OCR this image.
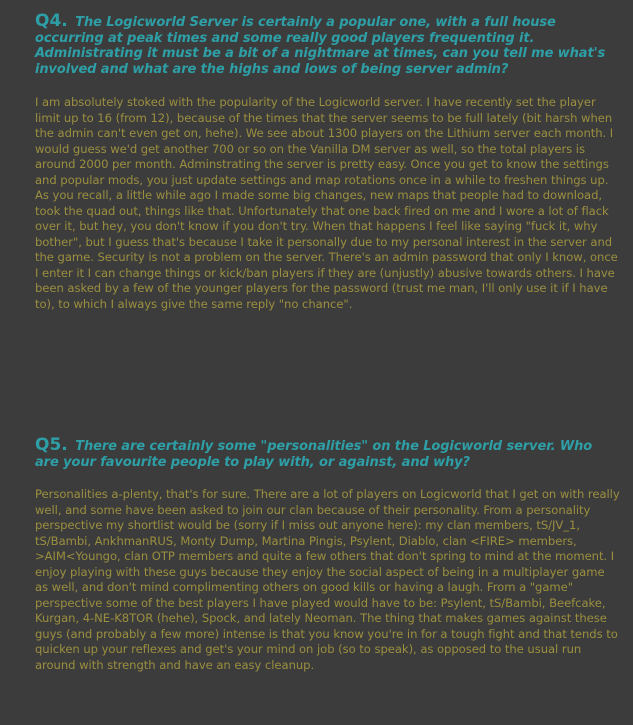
Q4. The Logicworld Server is certainly a popular one, with a full house occurring at peak times and some really good players frequenting it. Administrating it must be a bit of a nightmare at times, can you tell me what's involved and what are the highs and lows of being server admin?

I am absolutely stoked with the popularity of the Logicworld server. I have recently set the player limit up to 16 (from 12), because of the times that the server seems to be full lately (bit harsh when the admin can't even get on, hehe). We see about 1300 players on the Lithium server each month. I would guess we'd get another 700 or so on the Vanilla DM server as well, so the total players is around 2000 per month. Adminstrating the server is pretty easy. Once you get to know the settings and popular mods, you just update settings and map rotations once in a while to freshen things up. As you recall, a little while ago I made some big changes, new maps that people had to download, took the quad out, things like that. Unfortunately that one back fired on me and I wore a lot of flack over it, but hey, you don't know if you don't try. When that happens I feel like saying "fuck it, why bother", but I guess that's because I take it personally due to my personal interest in the server and the game. Security is not a problem on the server. There's an admin password that only I know, once I enter it I can change things or kick/ban players if they are (unjustly) abusive towards others. I have been asked by a few of the younger players for the password (trust me man, I'll only use it if I have to), to which I always give the same reply "no chance".

Q5. There are certainly some "personalities" on the Logicworld server. Who are your favourite people to play with, or against, and why?

Personalities a-plenty, that's for sure. There are a lot of players on Logicworld that I get on with really well, and some have been asked to join our clan because of their personality. From a personality perspective my shortlist would be (sorry if I miss out anyone here): my clan members, tS/JV_1, tS/Bambi, AnkhmanRUS, Monty Dump, Martina Pingis, Psylent, Diablo, clan <FIRE> members, >AIM<Youngo, clan OTP members and quite a few others that don't spring to mind at the moment. I enjoy playing with these guys because they enjoy the social aspect of being in a multiplayer game as well, and don't mind complimenting others on good kills or having a laugh. From a "game" perspective some of the best players I have played would have to be: Psylent, tS/Bambi, Beefcake, Kurgan, 4-NE-K8TOR (hehe), Spock, and lately Neoman. The thing that makes games against these guys (and probably a few more) intense is that you know you're in for a tough fight and that tends to quicken up your reflexes and get's your mind on job (so to speak), as opposed to the usual run around with strength and have an easy cleanup.
